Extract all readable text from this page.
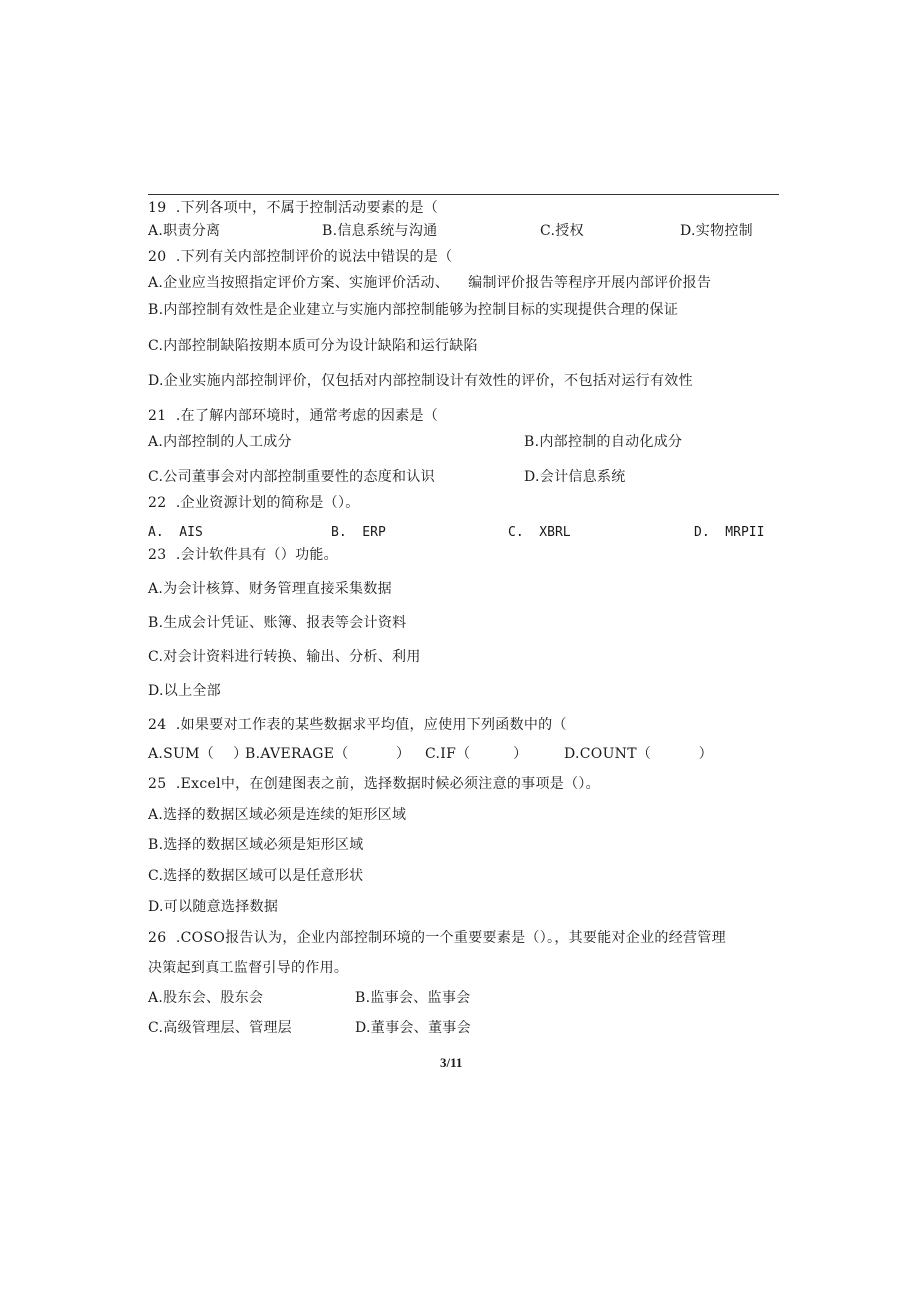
19  .下列各项中，不属于控制活动要素的是（
A.职责分离	B.信息系统与沟通	C.授权	D.实物控制
20  .下列有关内部控制评价的说法中错误的是（
A.企业应当按照指定评价方案、实施评价活动、    编制评价报告等程序开展内部评价报告
B.内部控制有效性是企业建立与实施内部控制能够为控制目标的实现提供合理的保证
C.内部控制缺陷按期本质可分为设计缺陷和运行缺陷
D.企业实施内部控制评价，仅包括对内部控制设计有效性的评价，不包括对运行有效性
21  .在了解内部环境时，通常考虑的因素是（
A.内部控制的人工成分	B.内部控制的自动化成分
C.公司董事会对内部控制重要性的态度和认识	D.会计信息系统
22  .企业资源计划的简称是（）。
A.  AIS	B.  ERP	C.  XBRL	D.  MRPII
23  .会计软件具有（）功能。
A.为会计核算、财务管理直接采集数据
B.生成会计凭证、账簿、报表等会计资料
C.对会计资料进行转换、输出、分析、利用
D.以上全部
24  .如果要对工作表的某些数据求平均值，应使用下列函数中的（
A.SUM（    ）
B.AVERAGE（          ） C.IF（         ）	D.COUNT（          ）
25  .Excel中，在创建图表之前，选择数据时候必须注意的事项是（）。
A.选择的数据区域必须是连续的矩形区域
B.选择的数据区域必须是矩形区域
C.选择的数据区域可以是任意形状
D.可以随意选择数据
26  .COSO报告认为，企业内部控制环境的一个重要要素是（）。，其要能对企业的经营管理
决策起到真工监督引导的作用。
A.股东会、股东会	B.监事会、监事会
C.高级管理层、管理层	D.董事会、董事会
3/11
